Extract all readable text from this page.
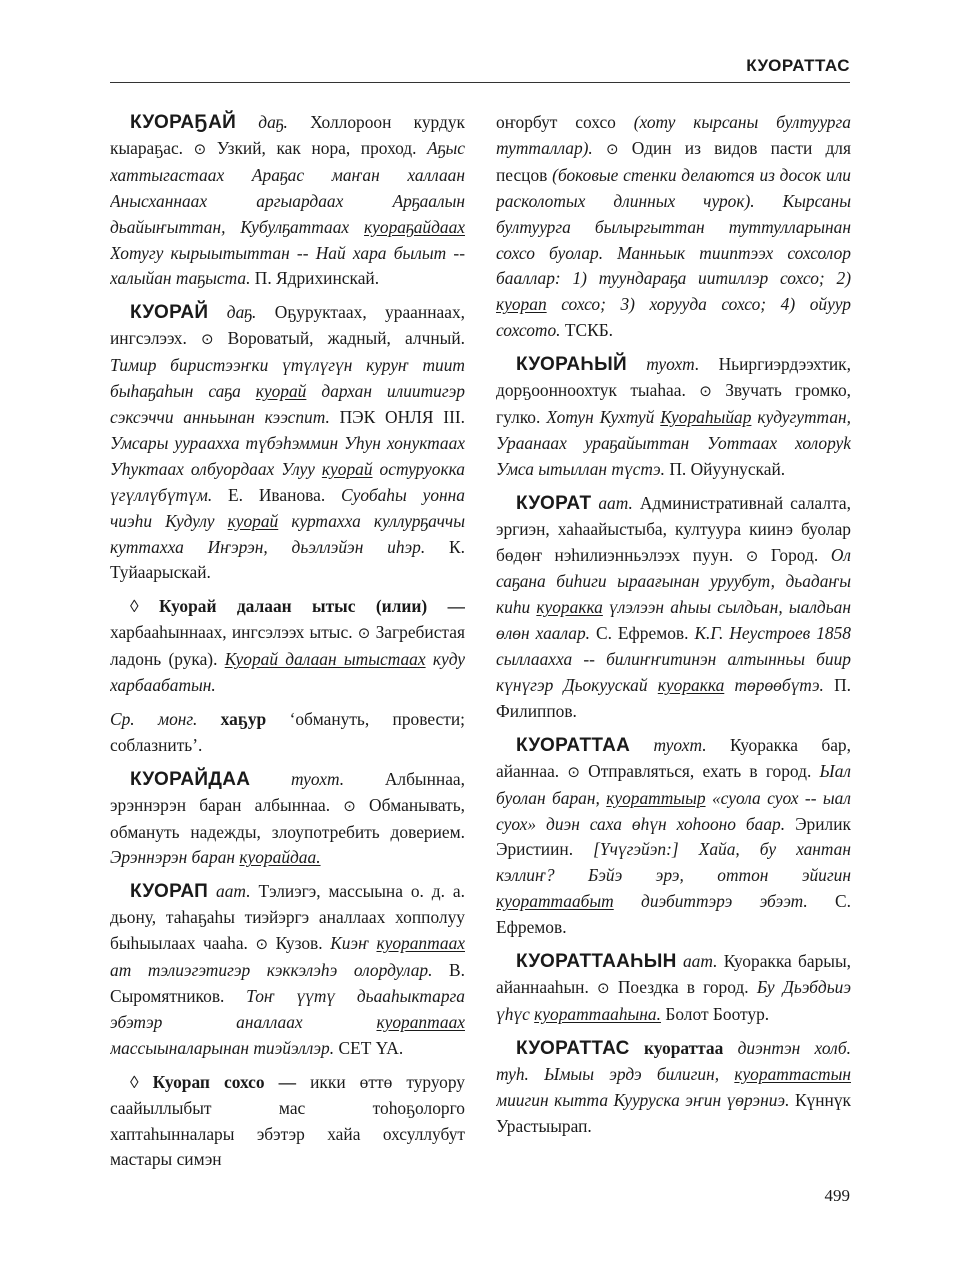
КУОРАТТАС

КУОРАҔАЙ даҕ. Холлороон курдук кыараҕас. ⊙ Узкий, как нора, проход. Аҕыс хаттыгастаах Араҕас маҥан халлаан Анысханнаах аргыардаах Арҕаалын дьайыҥыттан, Кубулҕаттаах куораҕайдаах Хотугу кырыытыттан -- Най хара былыт -- халыйан таҕыста. П. Ядрихинскай.

КУОРАЙ даҕ. Оҕуруктаах, урааннаах, ингсэлээх. ⊙ Вороватый, жадный, алчный. Тимир биристээҥки үтүлүгүн куруҥ тиит быһаҕаһын саҕа куорай дархан илиитигэр сэксэччи анньынан кээспит. ПЭК ОНЛЯ III. Умсары уураахха түбэһэммин Уһун хонуктаах Уһуктаах олбуордаах Улуу куорай остуруокка үгүллүбүтүм. Е. Иванова. Суобаһы уонна чиэһи Кудулу куорай куртахха куллурҕаччы куттахха Иҥэрэн, дьэллэйэн иһэр. К. Туйаарыскай.

◊ Куорай далаан ытыс (илии) — харбааһыннаах, ингсэлээх ытыс. ⊙ Загребистая ладонь (рука). Куорай далаан ытыстаах куду харбаабатын.

Ср. монг. хаҕур ‘обмануть, провести; соблазнить’.

КУОРАЙДАА туохт. Албыннаа, эрэннэрэн баран албыннаа. ⊙ Обманывать, обмануть надежды, злоупотребить доверием. Эрэннэрэн баран куорайдаа.

КУОРАП аат. Тэлиэгэ, массыына о. д. а. дьону, таһаҕаһы тиэйэргэ аналлаах хопполуу быһыылаах чааһа. ⊙ Кузов. Киэҥ куорaптаах ат тэлиэгэтигэр кэккэлэһэ олордулар. В. Сыромятников. Тоҥ үүтү дьааһыктарга эбэтэр аналлаах	куорaптаах массыыналарынан тиэйэллэр. СЕТ YA.

◊ Куорап сохсо — икки өттө туруору саайыллыбыт мас тоһоҕолорго хаптаһынналары эбэтэр хайа охсуллубут мастары симэн

оҥорбут сохсо (хоту кырсаны бултуурга тутталлар). ⊙ Один из видов пасти для песцов (боковые стенки делаются из досок или расколотых длинных чурок). Кырсаны бултуурга былыргыттан туттулларынан сохсо буолар. Манньык тииптээх сохсолор бааллар: 1) туундараҕа иитиллэр сохсо; 2) куорап сохсо; 3) хорууда сохсо; 4) ойуур сохсото. ТСКБ.

КУОРАҺЫЙ туохт. Ньиргиэрдээхтик, дорҕоонноохтук тыаһаа. ⊙ Звучать громко, гулко. Хотун Кухтуй Куораһыйар кудугуттан, Ураанаах ураҕайыттан Уоттаах холоруk Умса ытыллан түстэ. П. Ойуунускай.

КУОРАТ аат. Административнай салалта, эргиэн, хаһаайыстыба, култуура киинэ буолар бөдөҥ нэһилиэнньэлээх пуун. ⊙ Город. Ол саҕана биһиги ыраағынан уруубут, дьадаҥы киһи куоракка үлэлээн аһыы сылдьан, ыалдьан өлөн хаалар. С. Ефремов. К.Г. Неустроев 1858 сыллаахха -- билиҥҥитинэн алтынньы биир күнүгэр Дьокуускай куоракка төрөөбүтэ. П. Филиппов.

КУОРАТТАА туохт. Куоракка бар, айаннаа. ⊙ Отправляться, ехать в город. Ыал буолан баран, куораттыыр «суола суох -- ыал суох» диэн саха өһүн хоһооно баар. Эрилик Эристиин. [Үчүгэйэп:] Хайа, бу хантан кэллиҥ? Бэйэ эрэ, оттон эйигин куораттаабыт диэбиттэрэ эбээт. С. Ефремов.

КУОРАТТААҺЫН аат. Куоракка барыы, айаннааһын. ⊙ Поездка в город. Бу Дьэбдьиэ үһүс куораттааһына. Болот Боотур.

КУОРАТТАС куораттаа диэнтэн холб. туһ. Ымыы эрдэ билигин, куораттастын миигин кытта Кууруска эҥин үөрэниэ. Күннүк Урастыырап.

499
